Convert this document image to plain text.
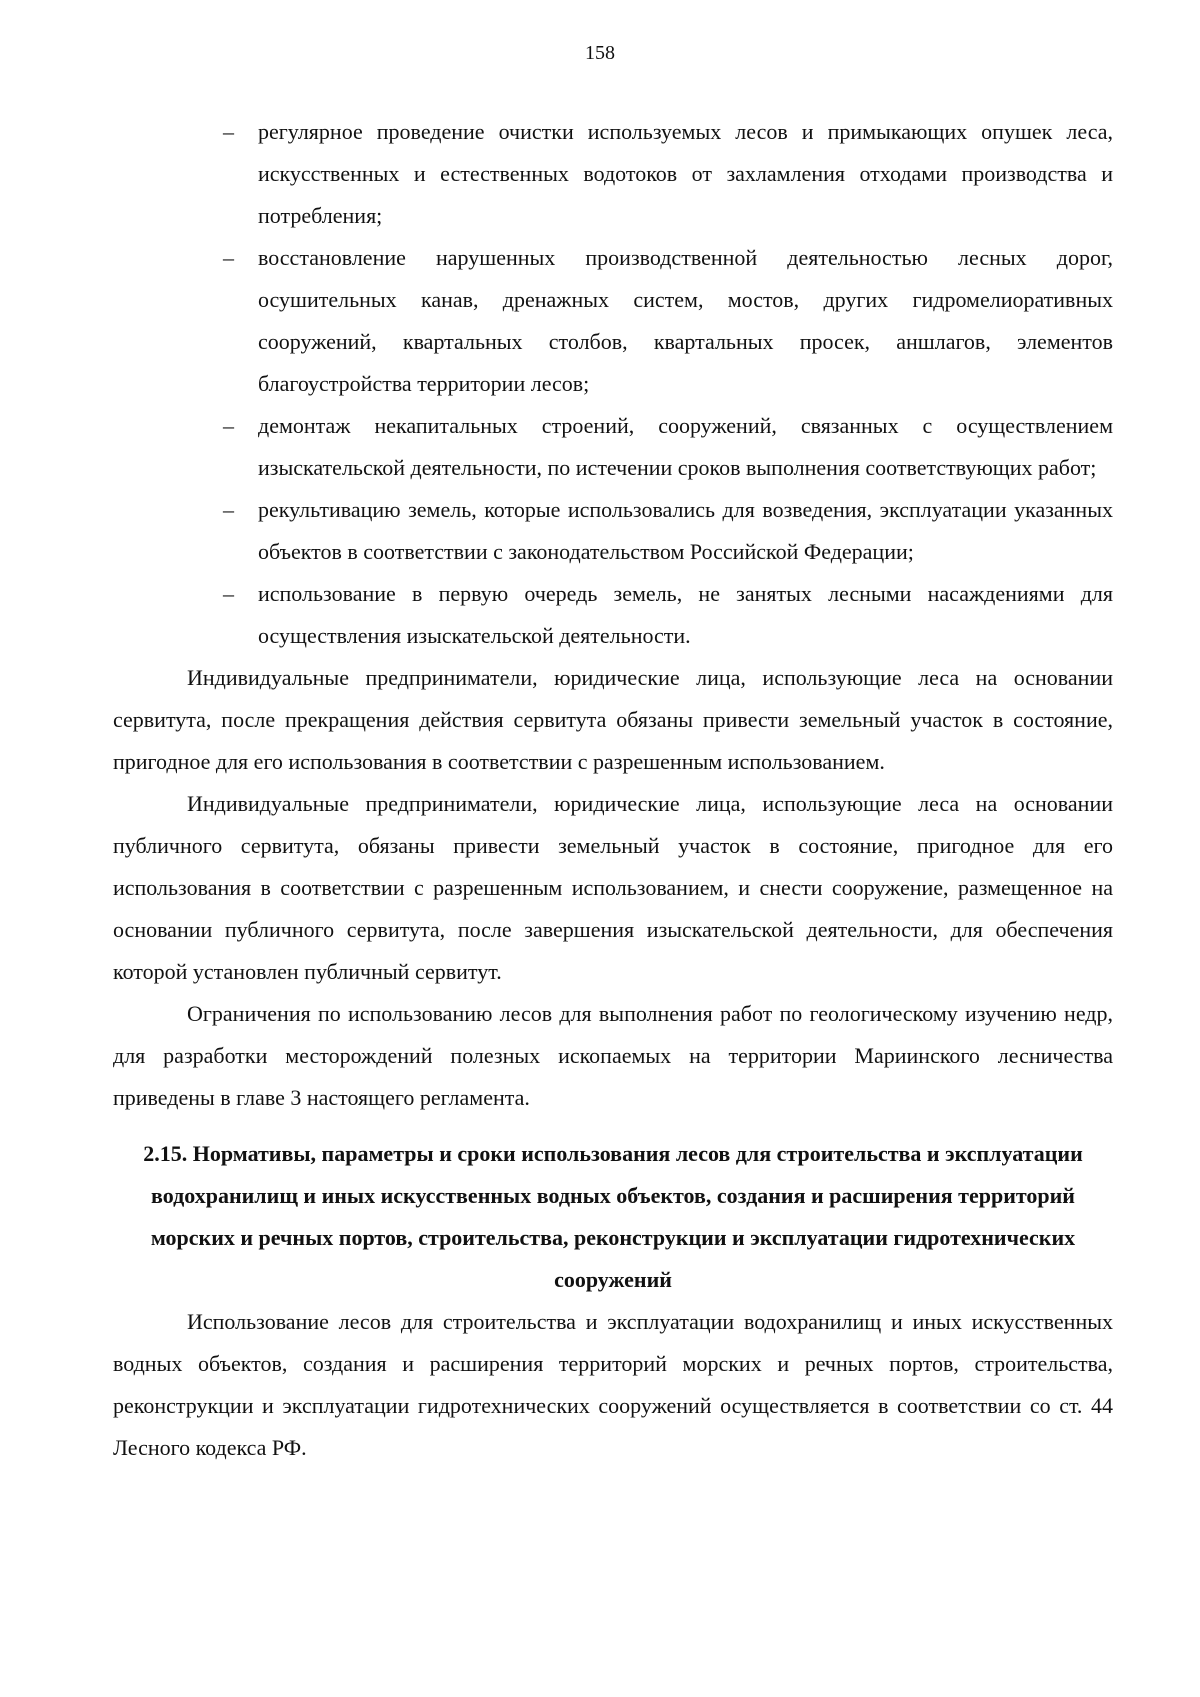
158
– регулярное проведение очистки используемых лесов и примыкающих опушек леса, искусственных и естественных водотоков от захламления отходами производства и потребления;
– восстановление нарушенных производственной деятельностью лесных дорог, осушительных канав, дренажных систем, мостов, других гидромелиоративных сооружений, квартальных столбов, квартальных просек, аншлагов, элементов благоустройства территории лесов;
– демонтаж некапитальных строений, сооружений, связанных с осуществлением изыскательской деятельности, по истечении сроков выполнения соответствующих работ;
– рекультивацию земель, которые использовались для возведения, эксплуатации указанных объектов в соответствии с законодательством Российской Федерации;
– использование в первую очередь земель, не занятых лесными насаждениями для осуществления изыскательской деятельности.

Индивидуальные предприниматели, юридические лица, использующие леса на основании сервитута, после прекращения действия сервитута обязаны привести земельный участок в состояние, пригодное для его использования в соответствии с разрешенным использованием.

Индивидуальные предприниматели, юридические лица, использующие леса на основании публичного сервитута, обязаны привести земельный участок в состояние, пригодное для его использования в соответствии с разрешенным использованием, и снести сооружение, размещенное на основании публичного сервитута, после завершения изыскательской деятельности, для обеспечения которой установлен публичный сервитут.

Ограничения по использованию лесов для выполнения работ по геологическому изучению недр, для разработки месторождений полезных ископаемых на территории Мариинского лесничества приведены в главе 3 настоящего регламента.

2.15. Нормативы, параметры и сроки использования лесов для строительства и эксплуатации водохранилищ и иных искусственных водных объектов, создания и расширения территорий морских и речных портов, строительства, реконструкции и эксплуатации гидротехнических сооружений

Использование лесов для строительства и эксплуатации водохранилищ и иных искусственных водных объектов, создания и расширения территорий морских и речных портов, строительства, реконструкции и эксплуатации гидротехнических сооружений осуществляется в соответствии со ст. 44 Лесного кодекса РФ.
